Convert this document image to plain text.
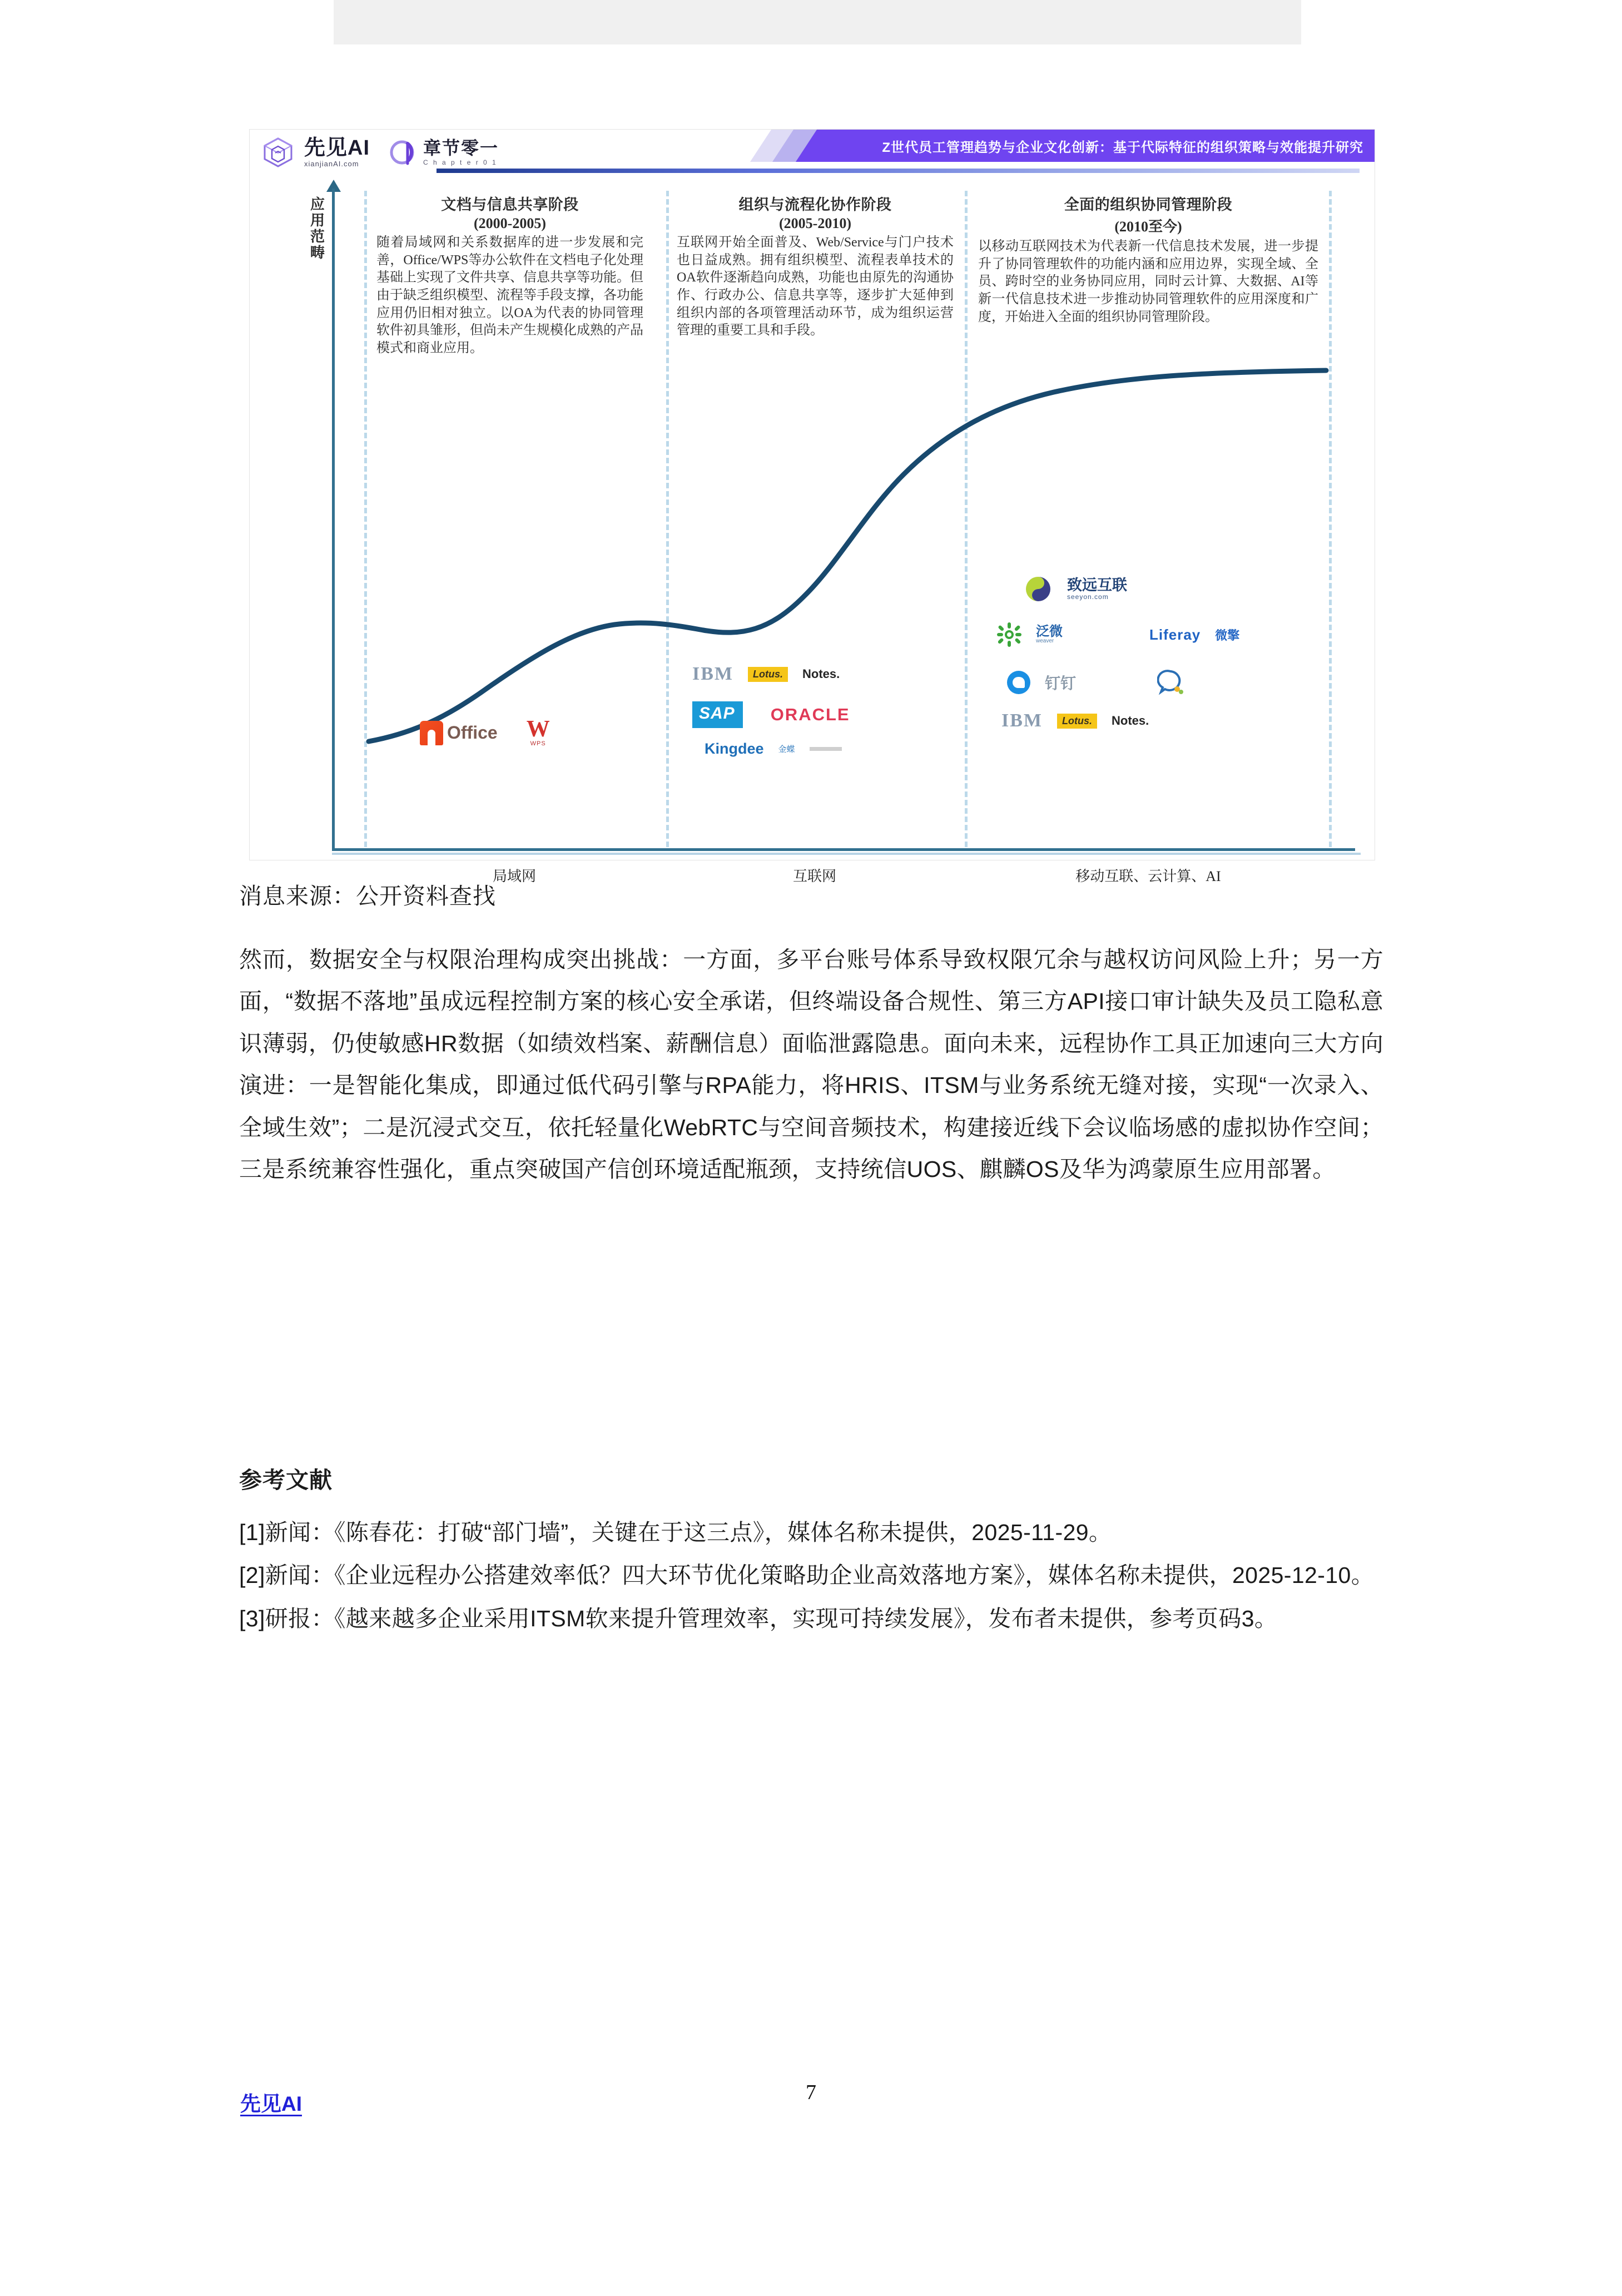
先见AI
xianjianAI.com
章节零一
C h a p t e r 0 1
Z世代员工管理趋势与企业文化创新：基于代际特征的组织策略与效能提升研究
应用范畴
文档与信息共享阶段
(2000-2005)

随着局域网和关系数据库的进一步发展和完善，Office/WPS等办公软件在文档电子化处理基础上实现了文件共享、信息共享等功能。但由于缺乏组织模型、流程等手段支撑，各功能应用仍旧相对独立。以OA为代表的协同管理软件初具雏形，但尚未产生规模化成熟的产品模式和商业应用。

组织与流程化协作阶段
(2005-2010)

互联网开始全面普及、Web/Service与门户技术也日益成熟。拥有组织模型、流程表单技术的OA软件逐渐趋向成熟，功能也由原先的沟通协作、行政办公、信息共享等，逐步扩大延伸到组织内部的各项管理活动环节，成为组织运营管理的重要工具和手段。

全面的组织协同管理阶段
(2010至今)

以移动互联网技术为代表新一代信息技术发展，进一步提升了协同管理软件的功能内涵和应用边界，实现全域、全员、跨时空的业务协同应用，同时云计算、大数据、AI等新一代信息技术进一步推动协同管理软件的应用深度和广度，开始进入全面的组织协同管理阶段。

Office W
WPS
IBM	Lotus.	Notes.
SAP	ORACLE
Kingdee 金蝶
致远互联
seeyon.com
泛微
weaver	Liferay 微擎
钉钉
IBM	Lotus.	Notes.
局域网	互联网	移动互联、云计算、AI
消息来源：公开资料查找
然而，数据安全与权限治理构成突出挑战：一方面，多平台账号体系导致权限冗余与越权访问风险上升；另一方面，“数据不落地”虽成远程控制方案的核心安全承诺，但终端设备合规性、第三方API接口审计缺失及员工隐私意识薄弱，仍使敏感HR数据（如绩效档案、薪酬信息）面临泄露隐患。面向未来，远程协作工具正加速向三大方向演进：一是智能化集成，即通过低代码引擎与RPA能力，将HRIS、ITSM与业务系统无缝对接，实现“一次录入、全域生效”；二是沉浸式交互，依托轻量化WebRTC与空间音频技术，构建接近线下会议临场感的虚拟协作空间；三是系统兼容性强化，重点突破国产信创环境适配瓶颈，支持统信UOS、麒麟OS及华为鸿蒙原生应用部署。
参考文献

[1]新闻：《陈春花：打破“部门墙”，关键在于这三点》，媒体名称未提供，2025-11-29。

[2]新闻：《企业远程办公搭建效率低？四大环节优化策略助企业高效落地方案》，媒体名称未提供，2025-12-10。

[3]研报：《越来越多企业采用ITSM软来提升管理效率，实现可持续发展》，发布者未提供，参考页码3。

先见AI	7
